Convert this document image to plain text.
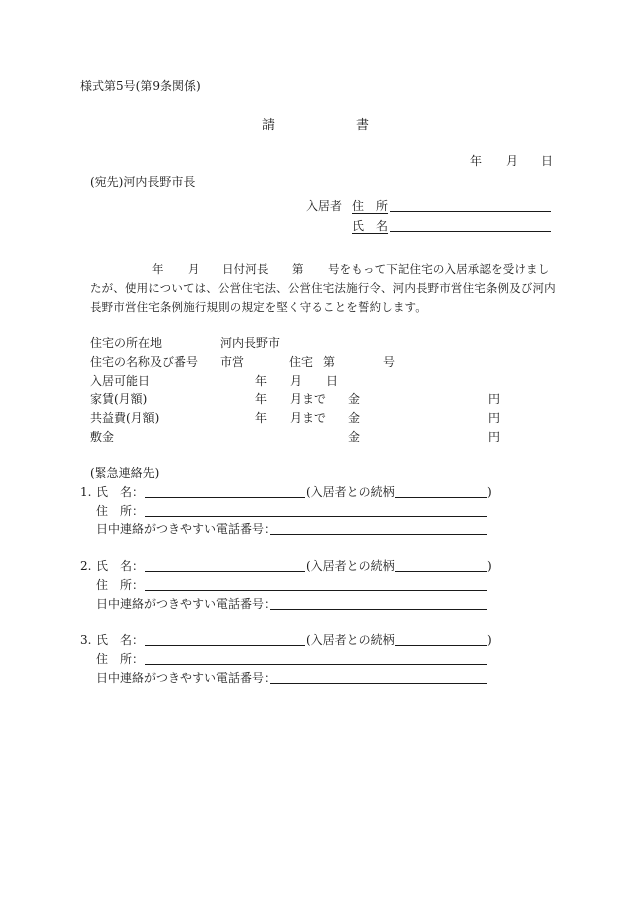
様式第5号(第9条関係)
請	書
年 月 日
(宛先)河内長野市長
入居者 住　所
氏　名
年 月 日付河長 第 号をもって下記住宅の入居承認を受けまし
たが、使用については、公営住宅法、公営住宅法施行令、河内長野市営住宅条例及び河内
長野市営住宅条例施行規則の規定を堅く守ることを誓約します。
住宅の所在地	河内長野市
住宅の名称及び番号 市営	住宅 第	号
入居可能日	年 月 日
家賃(月額)	年 月まで 金	円
共益費(月額)	年 月まで 金	円
敷金	金	円
(緊急連絡先)
1. 氏　名：	(入居者との続柄	)
住　所：
日中連絡がつきやすい電話番号：
2. 氏　名：	(入居者との続柄	)
住　所：
日中連絡がつきやすい電話番号：
3. 氏　名：	(入居者との続柄	)
住　所：
日中連絡がつきやすい電話番号：
